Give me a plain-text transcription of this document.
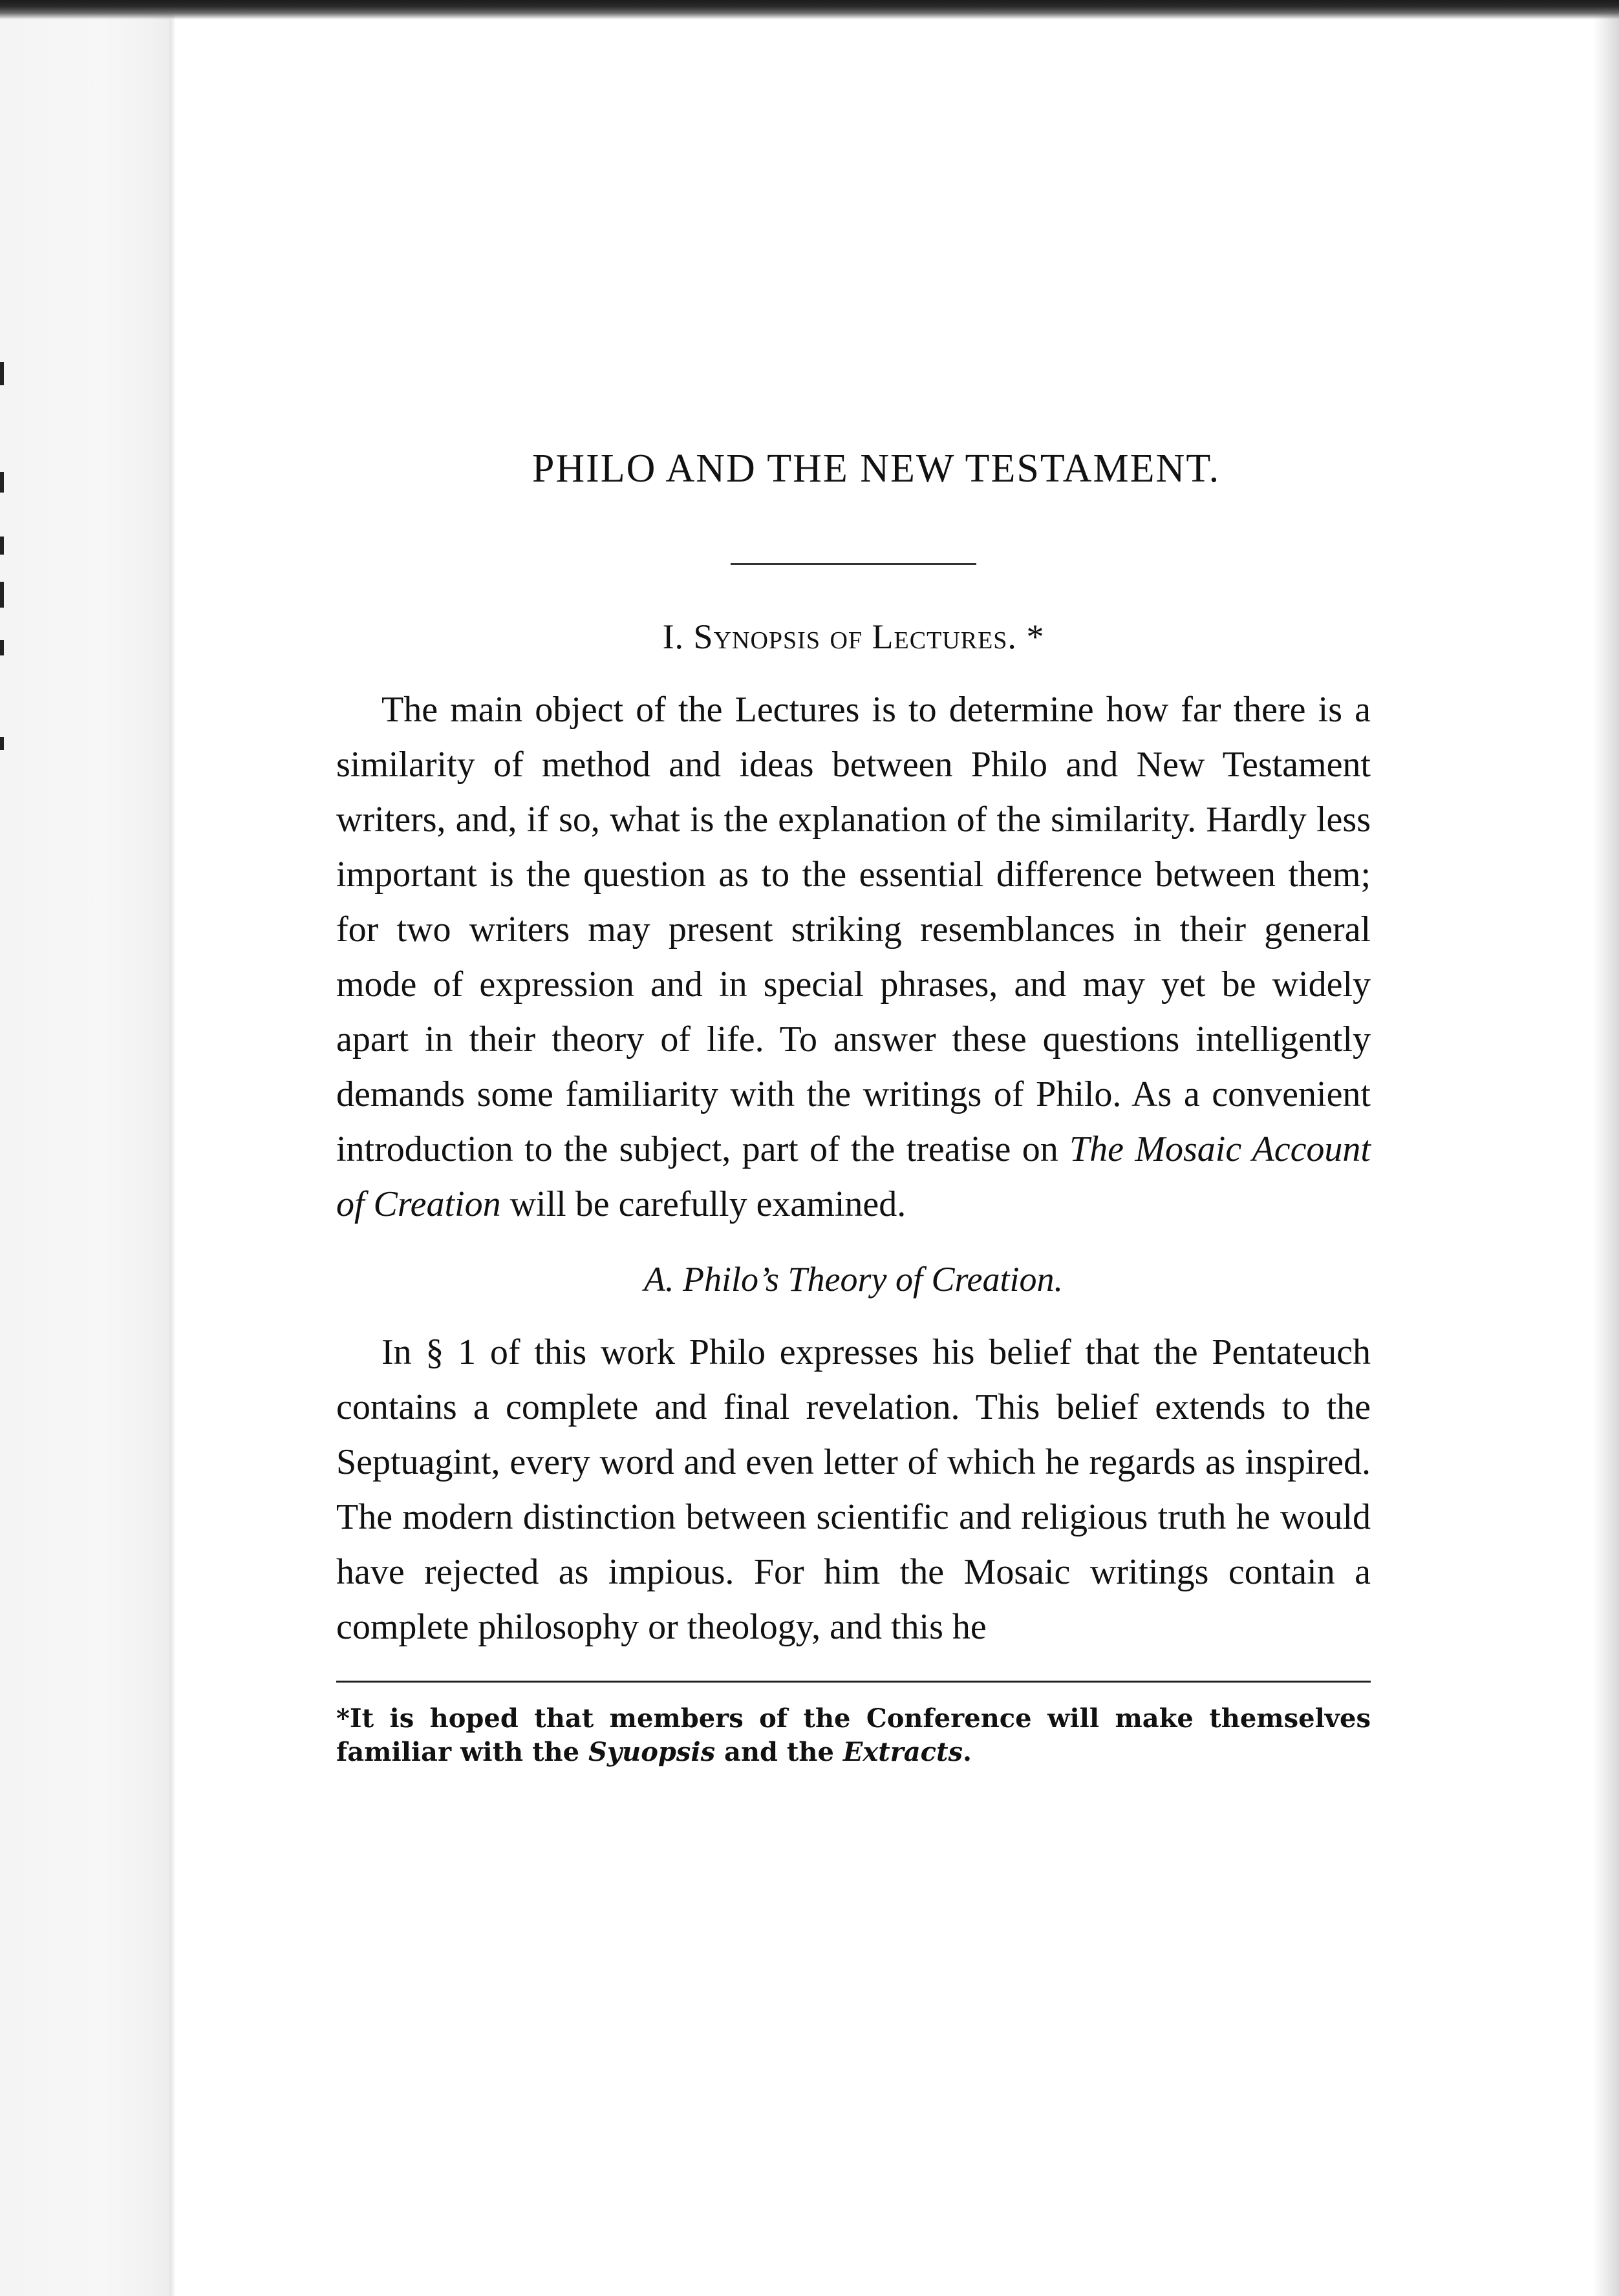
PHILO AND THE NEW TESTAMENT.
I. Synopsis of Lectures. *
The main object of the Lectures is to determine how far there is a similarity of method and ideas between Philo and New Testament writers, and, if so, what is the explanation of the similarity. Hardly less important is the question as to the essential difference between them; for two writers may present striking resemblances in their general mode of expression and in special phrases, and may yet be widely apart in their theory of life. To answer these questions intelligently demands some familiarity with the writings of Philo. As a convenient introduction to the subject, part of the treatise on The Mosaic Account of Creation will be carefully examined.
A. Philo’s Theory of Creation.
In § 1 of this work Philo expresses his belief that the Pentateuch contains a complete and final revelation. This belief extends to the Septuagint, every word and even letter of which he regards as inspired. The modern distinction between scientific and religious truth he would have rejected as impious. For him the Mosaic writings contain a complete philosophy or theology, and this he
*It is hoped that members of the Conference will make themselves familiar with the Syuopsis and the Extracts.
